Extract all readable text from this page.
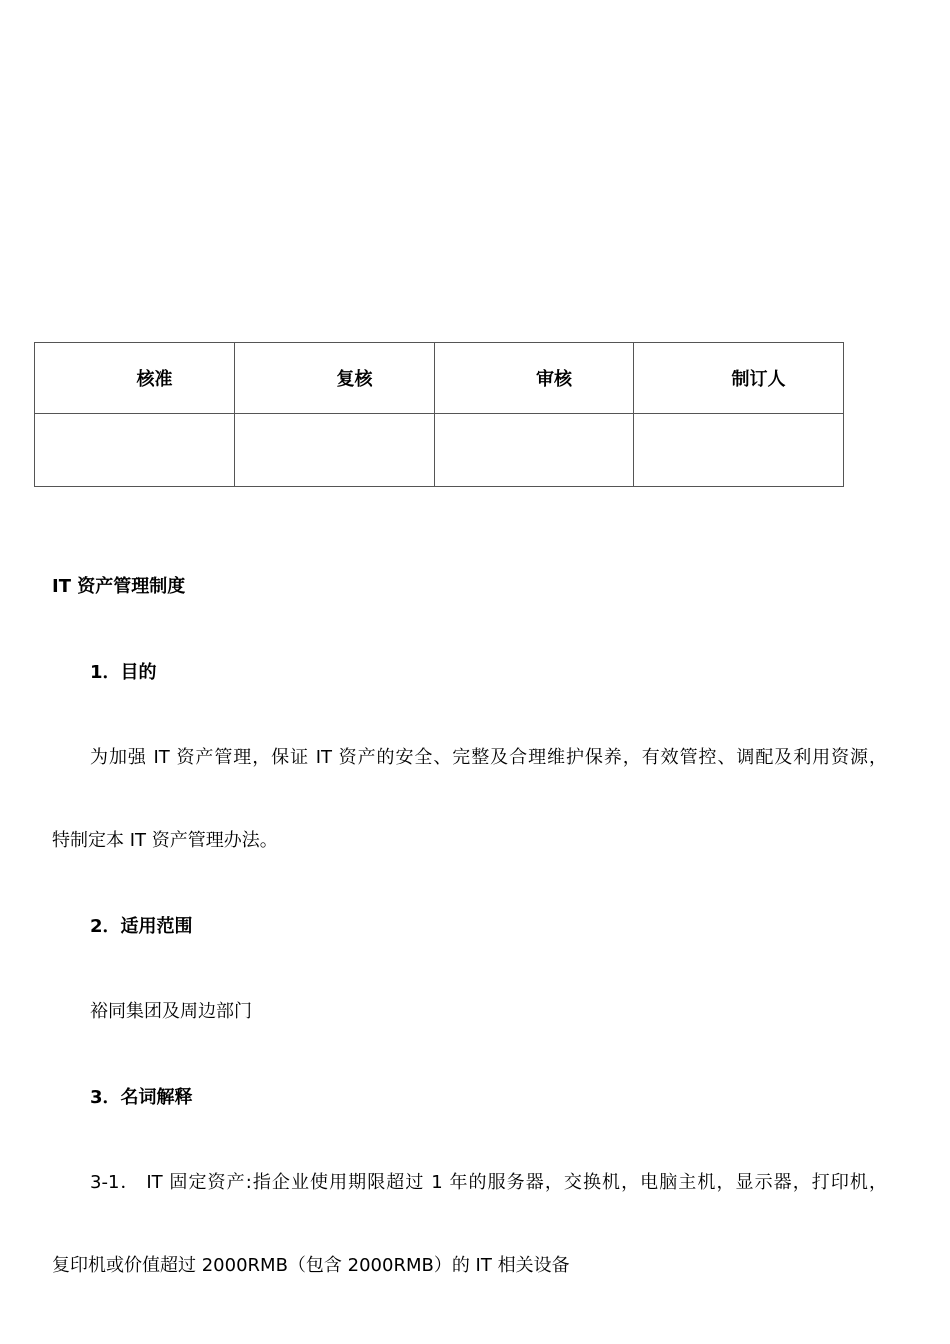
核准	复核	审核	制订人

IT 资产管理制度
1．目的
为加强 IT 资产管理，保证 IT 资产的安全、完整及合理维护保养，有效管控、调配及利用资源，
特制定本 IT 资产管理办法。
2．适用范围
裕同集团及周边部门
3．名词解释
3-1． IT 固定资产:指企业使用期限超过 1 年的服务器，交换机，电脑主机，显示器，打印机，
复印机或价值超过 2000RMB（包含 2000RMB）的 IT 相关设备
